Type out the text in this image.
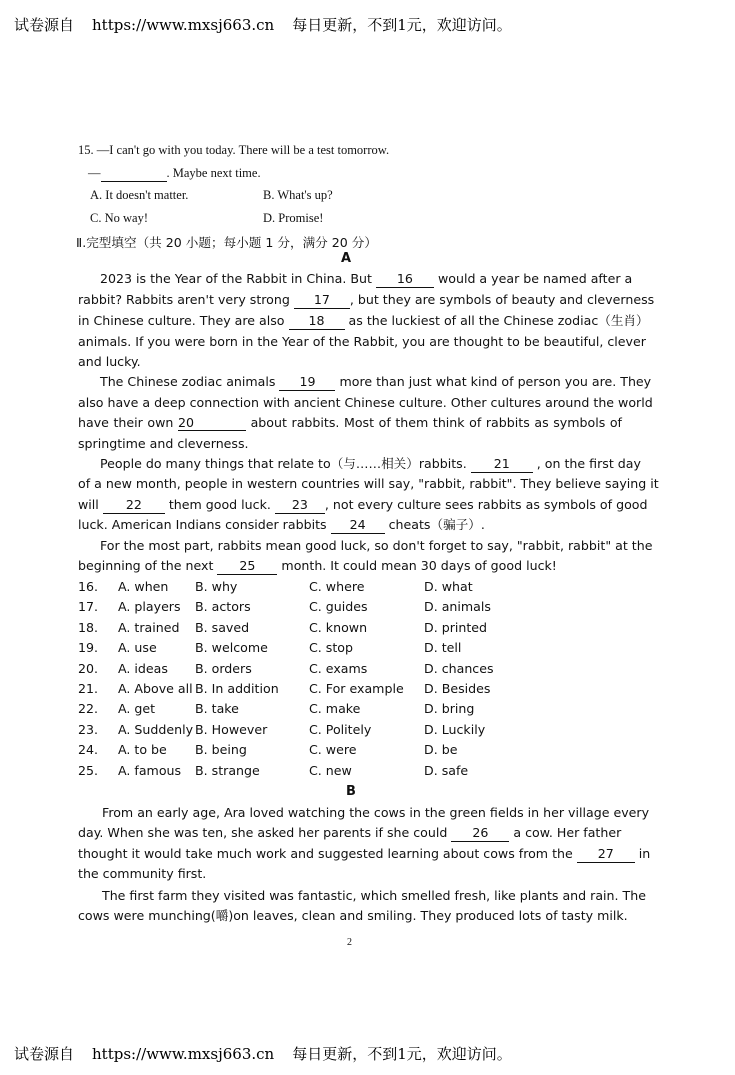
试卷源自 https://www.mxsj663.cn 每日更新，不到1元，欢迎访问。
15. —I can't go with you today. There will be a test tomorrow.
—	. Maybe next time.
A. It doesn't matter.	B. What's up?
C. No way!	D. Promise!
Ⅱ.完型填空（共 20 小题；每小题 1 分，满分 20 分）
A
2023 is the Year of the Rabbit in China. But 16 would a year be named after a
rabbit? Rabbits aren't very strong 17 , but they are symbols of beauty and cleverness
in Chinese culture. They are also 18 as the luckiest of all the Chinese zodiac（生肖）
animals. If you were born in the Year of the Rabbit, you are thought to be beautiful, clever
and lucky.
The Chinese zodiac animals 19 more than just what kind of person you are. They
also have a deep connection with ancient Chinese culture. Other cultures around the world
have their own 20	about rabbits. Most of them think of rabbits as symbols of
springtime and cleverness.
People do many things that relate to（与……相关）rabbits. 21 , on the first day
of a new month, people in western countries will say, "rabbit, rabbit". They believe saying it
will 22 them good luck. 23 , not every culture sees rabbits as symbols of good
luck. American Indians consider rabbits 24 cheats（骗子）.
For the most part, rabbits mean good luck, so don't forget to say, "rabbit, rabbit" at the
beginning of the next 25 month. It could mean 30 days of good luck!
16. A. when B. why	C. where	D. what
17. A. players B. actors	C. guides	D. animals
18. A. trained B. saved	C. known	D. printed
19. A. use	B. welcome	C. stop	D. tell
20. A. ideas B. orders	C. exams	D. chances
21. A. Above all B. In addition C. For example D. Besides
22. A. get	B. take	C. make	D. bring
23. A. Suddenly B. However	C. Politely	D. Luckily
24. A. to be B. being	C. were	D. be
25. A. famous B. strange	C. new	D. safe
B
From an early age, Ara loved watching the cows in the green fields in her village every
day. When she was ten, she asked her parents if she could 26 a cow. Her father
thought it would take much work and suggested learning about cows from the 27 in
the community first.
The first farm they visited was fantastic, which smelled fresh, like plants and rain. The
cows were munching(嚼)on leaves, clean and smiling. They produced lots of tasty milk.
2
试卷源自 https://www.mxsj663.cn 每日更新，不到1元，欢迎访问。
